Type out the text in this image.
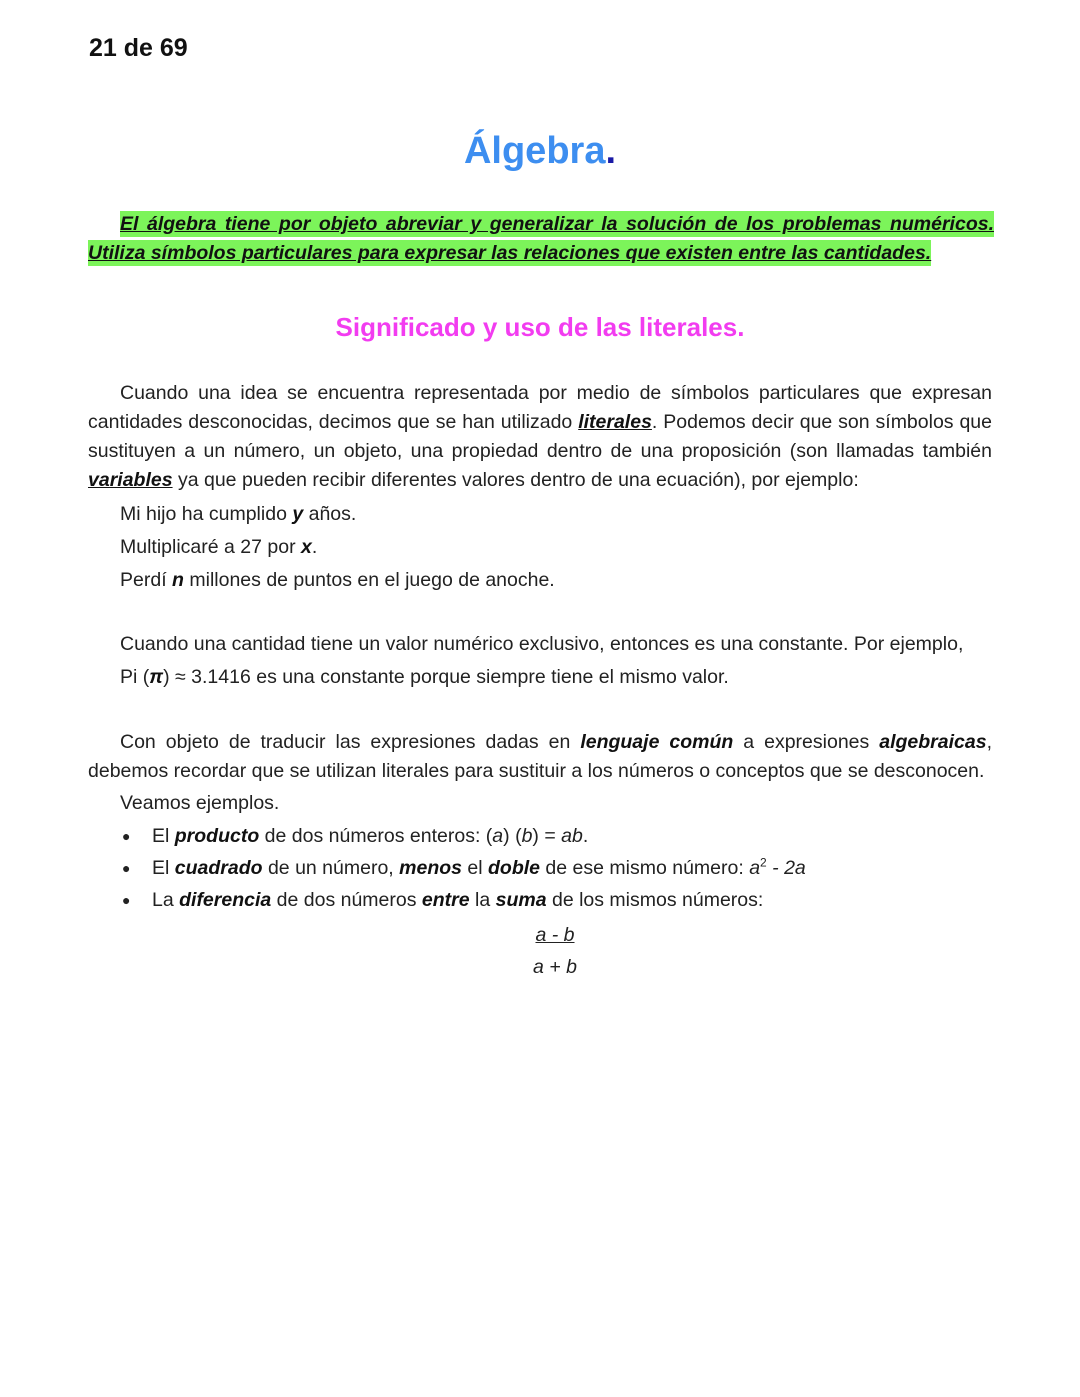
21 de 69
Álgebra.

El álgebra tiene por objeto abreviar y generalizar la solución de los problemas numéricos. Utiliza símbolos particulares para expresar las relaciones que existen entre las cantidades.

Significado y uso de las literales.

Cuando una idea se encuentra representada por medio de símbolos particulares que expresan cantidades desconocidas, decimos que se han utilizado literales. Podemos decir que son símbolos que sustituyen a un número, un objeto, una propiedad dentro de una proposición (son llamadas también variables ya que pueden recibir diferentes valores dentro de una ecuación), por ejemplo:

Mi hijo ha cumplido y años.

Multiplicaré a 27 por x.

Perdí n millones de puntos en el juego de anoche.

Cuando una cantidad tiene un valor numérico exclusivo, entonces es una constante. Por ejemplo,

Pi (π) ≈ 3.1416 es una constante porque siempre tiene el mismo valor.

Con objeto de traducir las expresiones dadas en lenguaje común a expresiones algebraicas, debemos recordar que se utilizan literales para sustituir a los números o conceptos que se desconocen.

Veamos ejemplos.

● El producto de dos números enteros: (a) (b) = ab.
● El cuadrado de un número, menos el doble de ese mismo número: $a^2 - 2a$
● La diferencia de dos números entre la suma de los mismos números:
$\frac{a - b}{a + b}$
